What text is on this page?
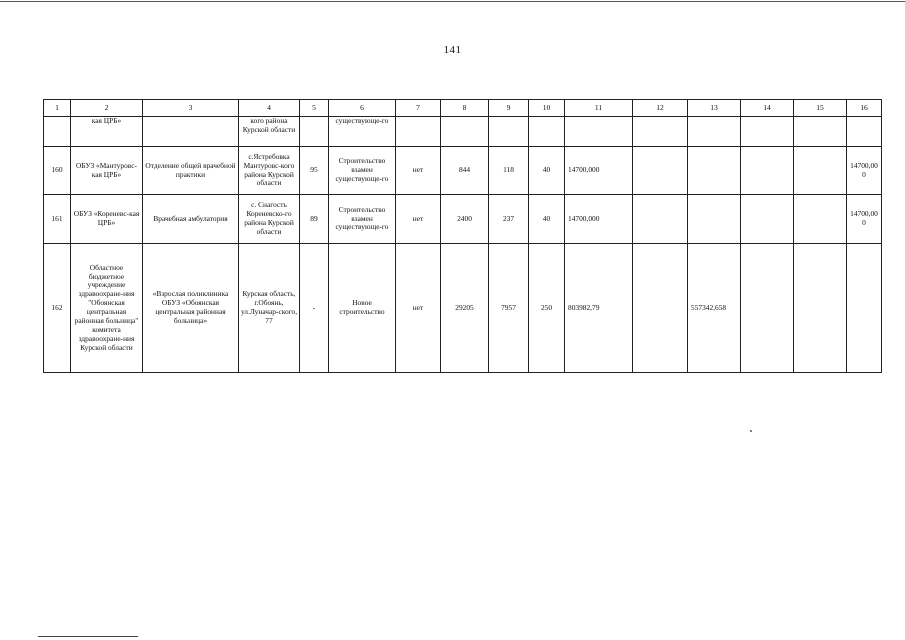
141
1	2	3	4	5	6	7	8	9	10	11	12	13	14	15	16
	кая ЦРБ»		кого района Курской области		существующе-го										
160	ОБУЗ «Мантуровс-кая ЦРБ»	Отделение общей врачебной практики	с.Ястребовка Мантуровс-кого района Курской области	95	Строительство взамен существующе-го	нет	844	118	40	14700,000					14700,00 0
161	ОБУЗ «Кореневс-кая ЦРБ»	Врачебная амбулатория	с. Снагость Кореневско-го района Курской области	89	Строительство взамен существующе-го	нет	2400	237	40	14700,000					14700,00 0
162	Областное бюджетное учреждение здравоохране-ния "Обоянская центральная районная больница" комитета здравоохране-ния Курской области	«Взрослая поликлиника ОБУЗ «Обоянская центральная районная больница»	Курская область, г.Обоянь, ул.Луначар-ского, 77	-	Новое строительство	нет	29205	7957	250	803982,79		557342,658			
